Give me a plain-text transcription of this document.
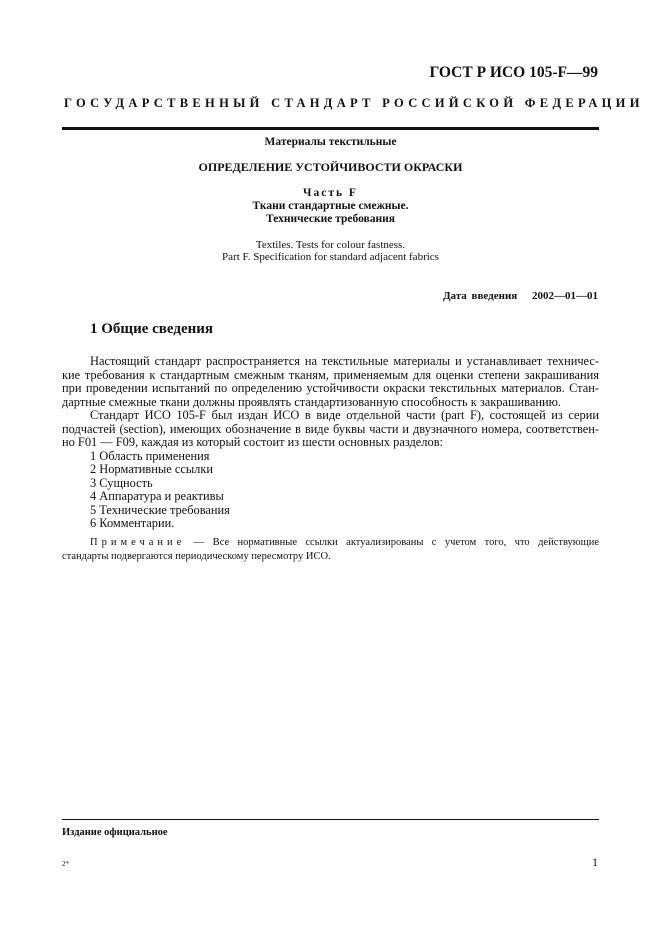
ГОСТ Р ИСО 105-F—99
ГОСУДАРСТВЕННЫЙ СТАНДАРТ РОССИЙСКОЙ ФЕДЕРАЦИИ
Материалы текстильные
ОПРЕДЕЛЕНИЕ УСТОЙЧИВОСТИ ОКРАСКИ
Часть F
Ткани стандартные смежные.
Технические требования
Textiles. Tests for colour fastness.
Part F. Specification for standard adjacent fabrics
Дата введения 2002—01—01
1 Общие сведения
Настоящий стандарт распространяется на текстильные материалы и устанавливает техничес-
кие требования к стандартным смежным тканям, применяемым для оценки степени закрашивания
при проведении испытаний по определению устойчивости окраски текстильных материалов. Стан-
дартные смежные ткани должны проявлять стандартизованную способность к закрашиванию.
Стандарт ИСО 105-F был издан ИСО в виде отдельной части (part F), состоящей из серии
подчастей (section), имеющих обозначение в виде буквы части и двузначного номера, соответствен-
но F01 — F09, каждая из который состоит из шести основных разделов:
1 Область применения
2 Нормативные ссылки
3 Сущность
4 Аппаратура и реактивы
5 Технические требования
6 Комментарии.
Примечание — Все нормативные ссылки актуализированы с учетом того, что действующие
стандарты подвергаются периодическому пересмотру ИСО.
Издание официальное
2*	1
